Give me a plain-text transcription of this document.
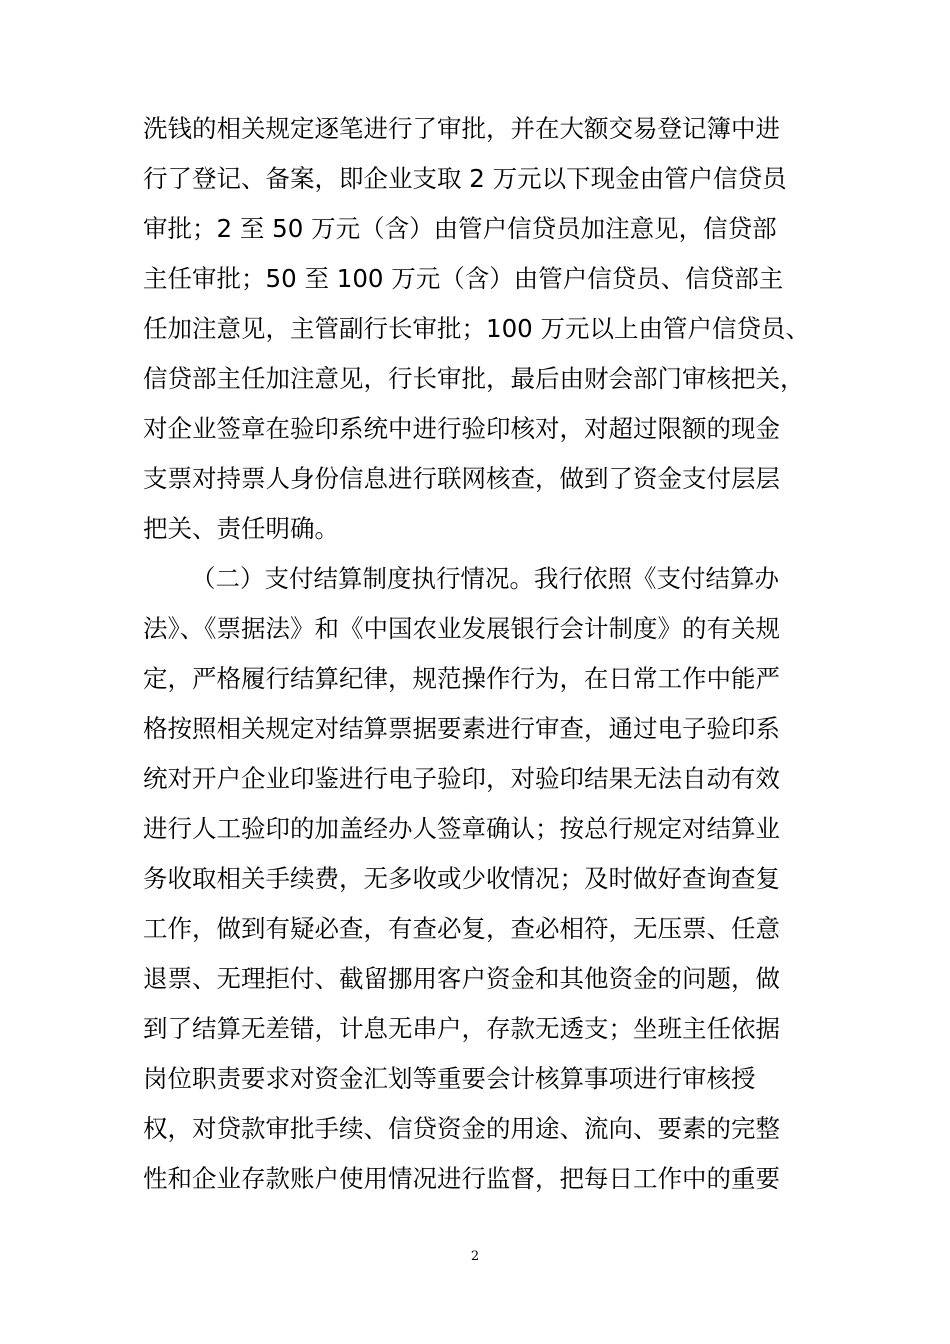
洗钱的相关规定逐笔进行了审批，并在大额交易登记簿中进
行了登记、备案，即企业支取 2 万元以下现金由管户信贷员
审批；2 至 50 万元（含）由管户信贷员加注意见，信贷部
主任审批；50 至 100 万元（含）由管户信贷员、信贷部主
任加注意见，主管副行长审批；100 万元以上由管户信贷员、
信贷部主任加注意见，行长审批，最后由财会部门审核把关，
对企业签章在验印系统中进行验印核对，对超过限额的现金
支票对持票人身份信息进行联网核查，做到了资金支付层层
把关、责任明确。
（二）支付结算制度执行情况。我行依照《支付结算办
法》、《票据法》和《中国农业发展银行会计制度》的有关规
定，严格履行结算纪律，规范操作行为，在日常工作中能严
格按照相关规定对结算票据要素进行审查，通过电子验印系
统对开户企业印鉴进行电子验印，对验印结果无法自动有效
进行人工验印的加盖经办人签章确认；按总行规定对结算业
务收取相关手续费，无多收或少收情况；及时做好查询查复
工作，做到有疑必查，有查必复，查必相符，无压票、任意
退票、无理拒付、截留挪用客户资金和其他资金的问题，做
到了结算无差错，计息无串户，存款无透支；坐班主任依据
岗位职责要求对资金汇划等重要会计核算事项进行审核授
权，对贷款审批手续、信贷资金的用途、流向、要素的完整
性和企业存款账户使用情况进行监督，把每日工作中的重要
2
